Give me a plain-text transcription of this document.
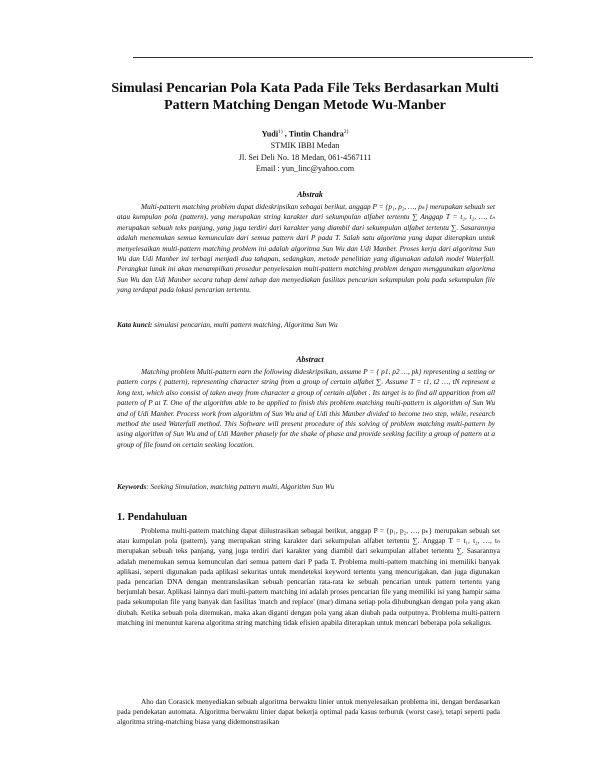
Simulasi Pencarian Pola Kata Pada File Teks Berdasarkan Multi Pattern Matching Dengan Metode Wu-Manber
Yudi$^{1)}$ , Tintin Chandra$^{2)}$
STMIK IBBI Medan
Jl. Sei Deli No. 18 Medan, 061-4567111
Email : yun_linc@yahoo.com
Abstrak

Multi-pattern matching problem dapat dideskripsikan sebagai berikut, anggap P = {p₁, p₂, …, pₖ} merupakan sebuah set atau kumpulan pola (pattern), yang merupakan string karakter dari sekumpulan alfabet tertentu ∑ Anggap T = t₁, t₂, …, tₙ merupakan sebuah teks panjang, yang juga terdiri dari karakter yang diambil dari sekumpulan alfabet tertentu ∑. Sasarannya adalah menemukan semua kemunculan dari semua pattern dari P pada T. Salah satu algoritma yang dapat diterapkan untuk menyelesaikan multi-pattern matching problem ini adalah algoritma Sun Wu dan Udi Manber. Proses kerja dari algoritma Sun Wu dan Udi Manber ini terbagi menjadi dua tahapan, sedangkan, metode penelitian yang digunakan adalah model Waterfall. Perangkat lunak ini akan menampilkan prosedur penyelesaian multi-pattern matching problem dengan menggunakan algoritma Sun Wu dan Udi Manber secara tahap demi tahap dan menyediakan fasilitas pencarian sekumpulan pola pada sekumpulan file yang terdapat pada lokasi pencarian tertentu.

Kata kunci: simulasi pencarian, multi pattern matching, Algoritma Sun Wu
Abstract

Matching problem Multi-pattern earn the following dideskripsikan, assume P = { p1, p2 …, pk} representing a setting or pattern corps ( pattern), representing character string from a group of certain alfabet ∑. Assume T = t1, t2 …, tN represent a long text, which also consist of taken away from character a group of certain alfabet . Its target is to find all apparition from all pattern of P at T. One of the algorithm able to be applied to finish this problem matching multi-pattern is algorithm of Sun Wu and of Udi Manber. Process work from algorithm of Sun Wu and of Udi this Manber divided to become two step, while, research method the used Waterfall method. This Software will present procedure of this solving of problem matching multi-pattern by using algorithm of Sun Wu and of Udi Manber phasely for the shake of phase and provide seeking facility a group of pattern at a group of file found on certain seeking location.

Keywords: Seeking Simulation, matching pattern multi, Algorithm Sun Wu
1. Pendahuluan

Problema multi-pattern matching dapat diilustrasikan sebagai berikut, anggap P = {p₁, p₂, …, pₖ} merupakan sebuah set atau kumpulan pola (pattern), yang merupakan string karakter dari sekumpulan alfabet tertentu ∑. Anggap T = t₁, t₂, …, tₙ merupakan sebuah teks panjang, yang juga terdiri dari karakter yang diambil dari sekumpulan alfabet tertentu ∑. Sasarannya adalah menemukan semua kemunculan dari semua pattern dari P pada T. Problema multi-pattern matching ini memiliki banyak aplikasi, seperti digunakan pada aplikasi sekuritas untuk mendeteksi keyword tertentu yang mencurigakan, dan juga digunakan pada pencarian DNA dengan mentranslasikan sebuah pencarian rata-rata ke sebuah pencarian untuk pattern tertentu yang berjumlah besar. Aplikasi lainnya dari multi-pattern matching ini adalah proses pencarian file yang memiliki isi yang hampir sama pada sekumpulan file yang banyak dan fasilitas 'match and replace' (mar) dimana setiap pola dihubungkan dengan pola yang akan diubah. Ketika sebuah pola ditemukan, maka akan diganti dengan pola yang akan diubah pada outputnya. Problema multi-pattern matching ini menuntut karena algoritma string matching tidak efisien apabila diterapkan untuk mencari beberapa pola sekaligus.

Aho dan Corasick menyediakan sebuah algoritma berwaktu linier untuk menyelesaikan problema ini, dengan berdasarkan pada pendekatan automata. Algoritma berwaktu linier dapat bekerja optimal pada kasus terburuk (worst case), tetapi seperti pada algoritma string-matching biasa yang didemonstrasikan
